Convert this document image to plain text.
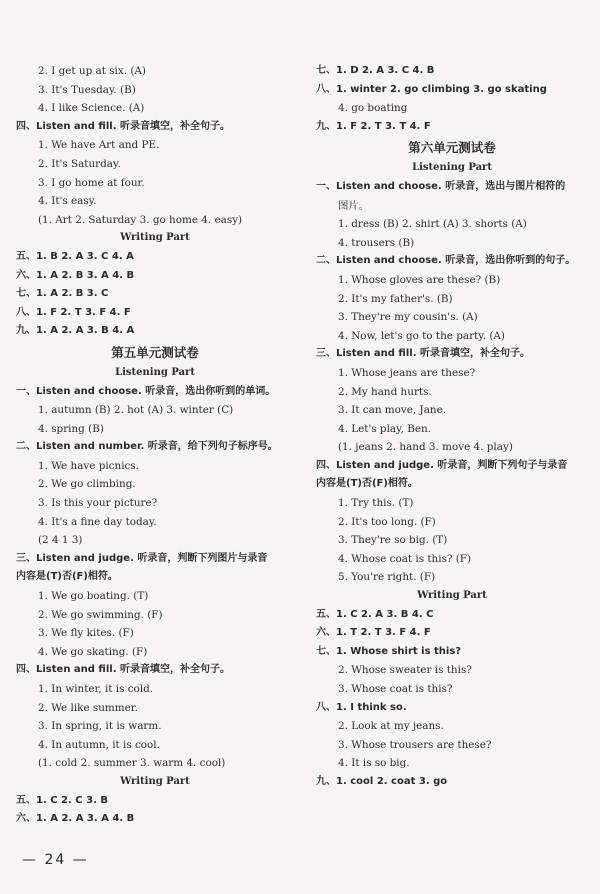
2. I get up at six. (A)
3. It's Tuesday. (B)
4. I like Science. (A)
四、Listen and fill. 听录音填空，补全句子。
1. We have Art and PE.
2. It's Saturday.
3. I go home at four.
4. It's easy.
(1. Art 2. Saturday 3. go home 4. easy)
Writing Part
五、1. B 2. A 3. C 4. A
六、1. A 2. B 3. A 4. B
七、1. A 2. B 3. C
八、1. F 2. T 3. F 4. F
九、1. A 2. A 3. B 4. A
第五单元测试卷
Listening Part
一、Listen and choose. 听录音，选出你听到的单词。
1. autumn (B) 2. hot (A) 3. winter (C)
4. spring (B)
二、Listen and number. 听录音，给下列句子标序号。
1. We have picnics.
2. We go climbing.
3. Is this your picture?
4. It's a fine day today.
(2 4 1 3)
三、Listen and judge. 听录音，判断下列图片与录音
内容是(T)否(F)相符。
1. We go boating. (T)
2. We go swimming. (F)
3. We fly kites. (F)
4. We go skating. (F)
四、Listen and fill. 听录音填空，补全句子。
1. In winter, it is cold.
2. We like summer.
3. In spring, it is warm.
4. In autumn, it is cool.
(1. cold 2. summer 3. warm 4. cool)
Writing Part
五、1. C 2. C 3. B
六、1. A 2. A 3. A 4. B
七、1. D 2. A 3. C 4. B
八、1. winter 2. go climbing 3. go skating
4. go boating
九、1. F 2. T 3. T 4. F
第六单元测试卷
Listening Part
一、Listen and choose. 听录音，选出与图片相符的
图片。
1. dress (B) 2. shirt (A) 3. shorts (A)
4. trousers (B)
二、Listen and choose. 听录音，选出你听到的句子。
1. Whose gloves are these? (B)
2. It's my father's. (B)
3. They're my cousin's. (A)
4. Now, let's go to the party. (A)
三、Listen and fill. 听录音填空，补全句子。
1. Whose jeans are these?
2. My hand hurts.
3. It can move, Jane.
4. Let's play, Ben.
(1. jeans 2. hand 3. move 4. play)
四、Listen and judge. 听录音，判断下列句子与录音
内容是(T)否(F)相符。
1. Try this. (T)
2. It's too long. (F)
3. They're so big. (T)
4. Whose coat is this? (F)
5. You're right. (F)
Writing Part
五、1. C 2. A 3. B 4. C
六、1. T 2. T 3. F 4. F
七、1. Whose shirt is this?
2. Whose sweater is this?
3. Whose coat is this?
八、1. I think so.
2. Look at my jeans.
3. Whose trousers are these?
4. It is so big.
九、1. cool 2. coat 3. go
— 24 —
